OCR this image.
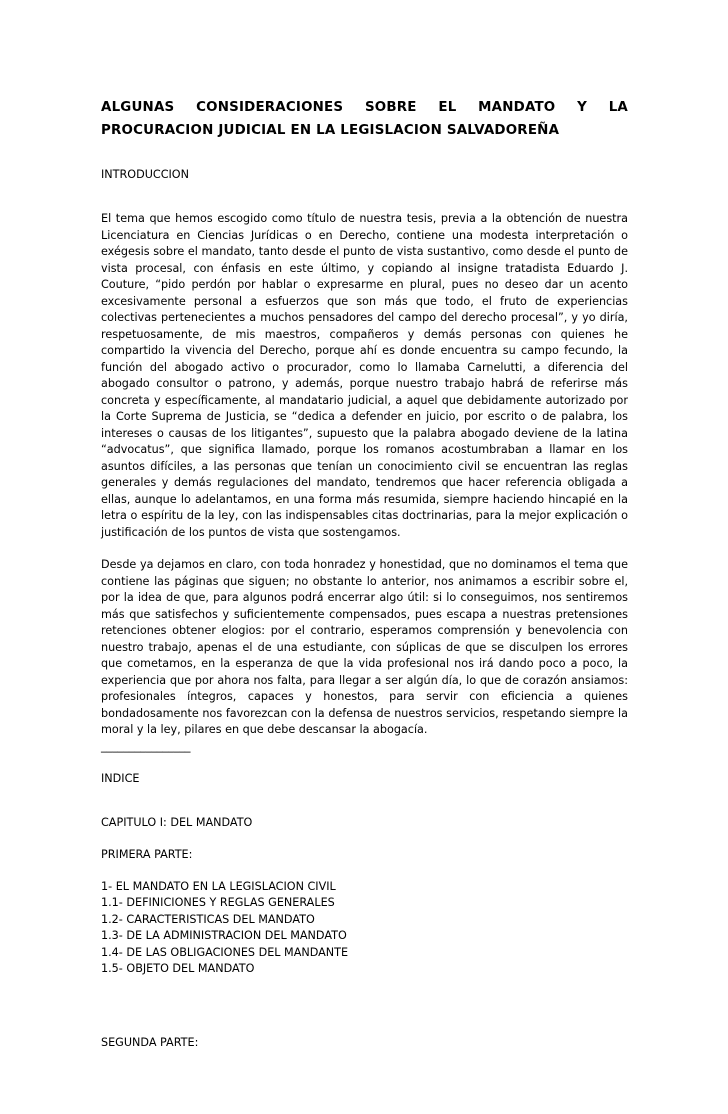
ALGUNAS CONSIDERACIONES SOBRE EL MANDATO Y LA
PROCURACION JUDICIAL EN LA LEGISLACION SALVADOREÑA

INTRODUCCION

El tema que hemos escogido como título de nuestra tesis, previa a la obtención de nuestra Licenciatura en Ciencias Jurídicas o en Derecho, contiene una modesta interpretación o exégesis sobre el mandato, tanto desde el punto de vista sustantivo, como desde el punto de vista procesal, con énfasis en este último, y copiando al insigne tratadista Eduardo J. Couture, “pido perdón por hablar o expresarme en plural, pues no deseo dar un acento excesivamente personal a esfuerzos que son más que todo, el fruto de experiencias colectivas pertenecientes a muchos pensadores del campo del derecho procesal”, y yo diría, respetuosamente, de mis maestros, compañeros y demás personas con quienes he compartido la vivencia del Derecho, porque ahí es donde encuentra su campo fecundo, la función del abogado activo o procurador, como lo llamaba Carnelutti, a diferencia del abogado consultor o patrono, y además, porque nuestro trabajo habrá de referirse más concreta y específicamente, al mandatario judicial, a aquel que debidamente autorizado por la Corte Suprema de Justicia, se “dedica a defender en juicio, por escrito o de palabra, los intereses o causas de los litigantes”, supuesto que la palabra abogado deviene de la latina “advocatus”, que significa llamado, porque los romanos acostumbraban a llamar en los asuntos difíciles, a las personas que tenían un conocimiento civil se encuentran las reglas generales y demás regulaciones del mandato, tendremos que hacer referencia obligada a ellas, aunque lo adelantamos, en una forma más resumida, siempre haciendo hincapié en la letra o espíritu de la ley, con las indispensables citas doctrinarias, para la mejor explicación o justificación de los puntos de vista que sostengamos.

Desde ya dejamos en claro, con toda honradez y honestidad, que no dominamos el tema que contiene las páginas que siguen; no obstante lo anterior, nos animamos a escribir sobre el, por la idea de que, para algunos podrá encerrar algo útil: si lo conseguimos, nos sentiremos más que satisfechos y suficientemente compensados, pues escapa a nuestras pretensiones retenciones obtener elogios: por el contrario, esperamos comprensión y benevolencia con nuestro trabajo, apenas el de una estudiante, con súplicas de que se disculpen los errores que cometamos, en la esperanza de que la vida profesional nos irá dando poco a poco, la experiencia que por ahora nos falta, para llegar a ser algún día, lo que de corazón ansiamos: profesionales íntegros, capaces y honestos, para servir con eficiencia a quienes bondadosamente nos favorezcan con la defensa de nuestros servicios, respetando siempre la moral y la ley, pilares en que debe descansar la abogacía.

________________

INDICE

CAPITULO I: DEL MANDATO

PRIMERA PARTE:

1- EL MANDATO EN LA LEGISLACION CIVIL
1.1- DEFINICIONES Y REGLAS GENERALES
1.2- CARACTERISTICAS DEL MANDATO
1.3- DE LA ADMINISTRACION DEL MANDATO
1.4- DE LAS OBLIGACIONES DEL MANDANTE
1.5- OBJETO DEL MANDATO

SEGUNDA PARTE:
